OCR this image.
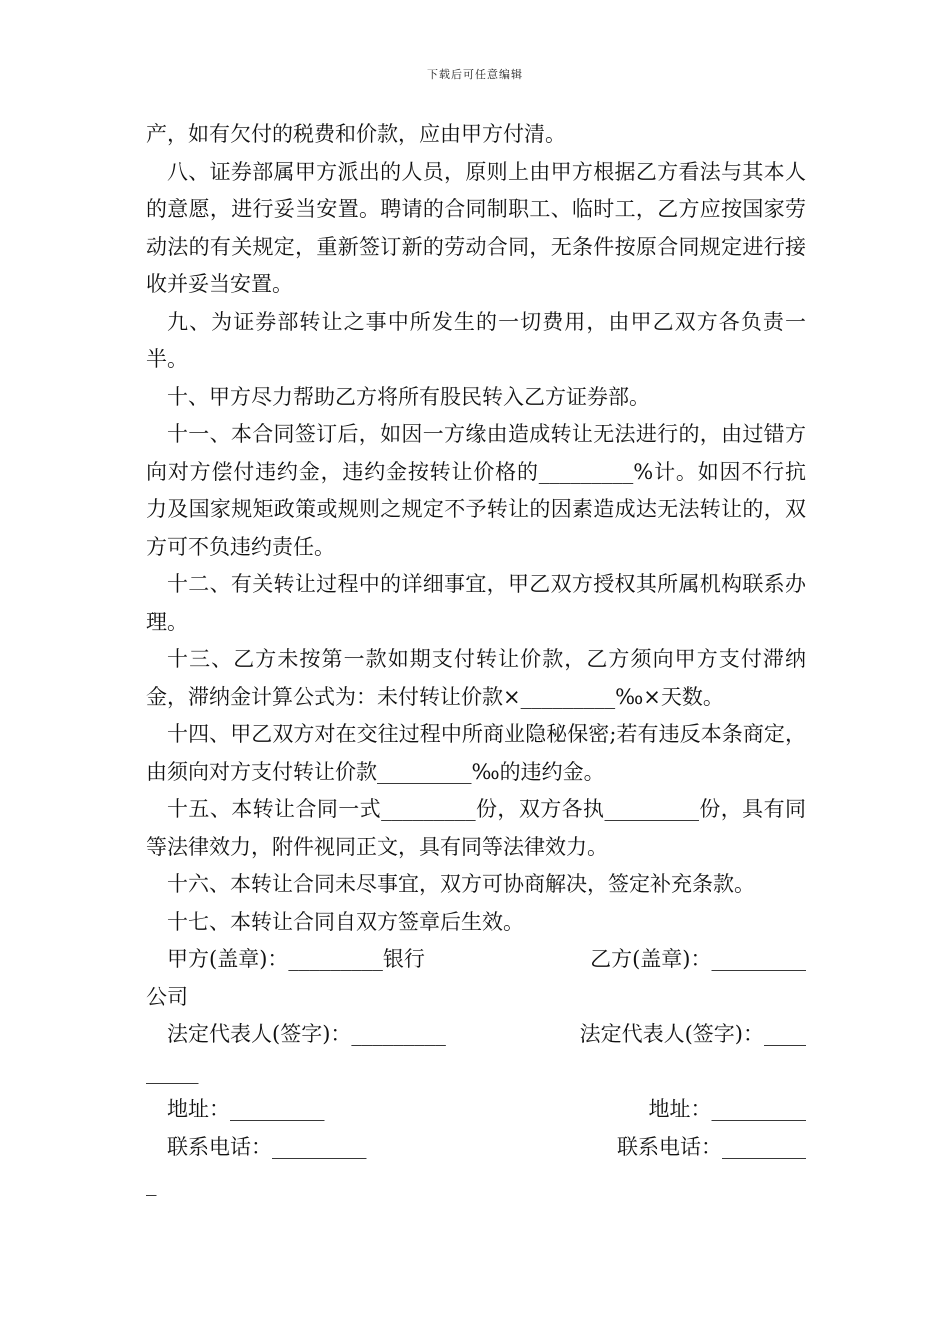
下载后可任意编辑

产，如有欠付的税费和价款，应由甲方付清。

八、证券部属甲方派出的人员，原则上由甲方根据乙方看法与其本人的意愿，进行妥当安置。聘请的合同制职工、临时工，乙方应按国家劳动法的有关规定，重新签订新的劳动合同，无条件按原合同规定进行接收并妥当安置。

九、为证券部转让之事中所发生的一切费用，由甲乙双方各负责一半。

十、甲方尽力帮助乙方将所有股民转入乙方证券部。

十一、本合同签订后，如因一方缘由造成转让无法进行的，由过错方向对方偿付违约金，违约金按转让价格的_________%计。如因不行抗力及国家规矩政策或规则之规定不予转让的因素造成达无法转让的，双方可不负违约责任。

十二、有关转让过程中的详细事宜，甲乙双方授权其所属机构联系办理。

十三、乙方未按第一款如期支付转让价款，乙方须向甲方支付滞纳金，滞纳金计算公式为：未付转让价款×_________‰×天数。

十四、甲乙双方对在交往过程中所商业隐秘保密;若有违反本条商定，由须向对方支付转让价款_________‰的违约金。

十五、本转让合同一式_________份，双方各执_________份，具有同等法律效力，附件视同正文，具有同等法律效力。

十六、本转让合同未尽事宜，双方可协商解决，签定补充条款。

十七、本转让合同自双方签章后生效。

甲方(盖章)：_________银行	乙方(盖章)：_________
公司
法定代表人(签字)：_________	法定代表人(签字)：____
_____
地址：_________	地址：_________
联系电话：_________	联系电话：________
_
